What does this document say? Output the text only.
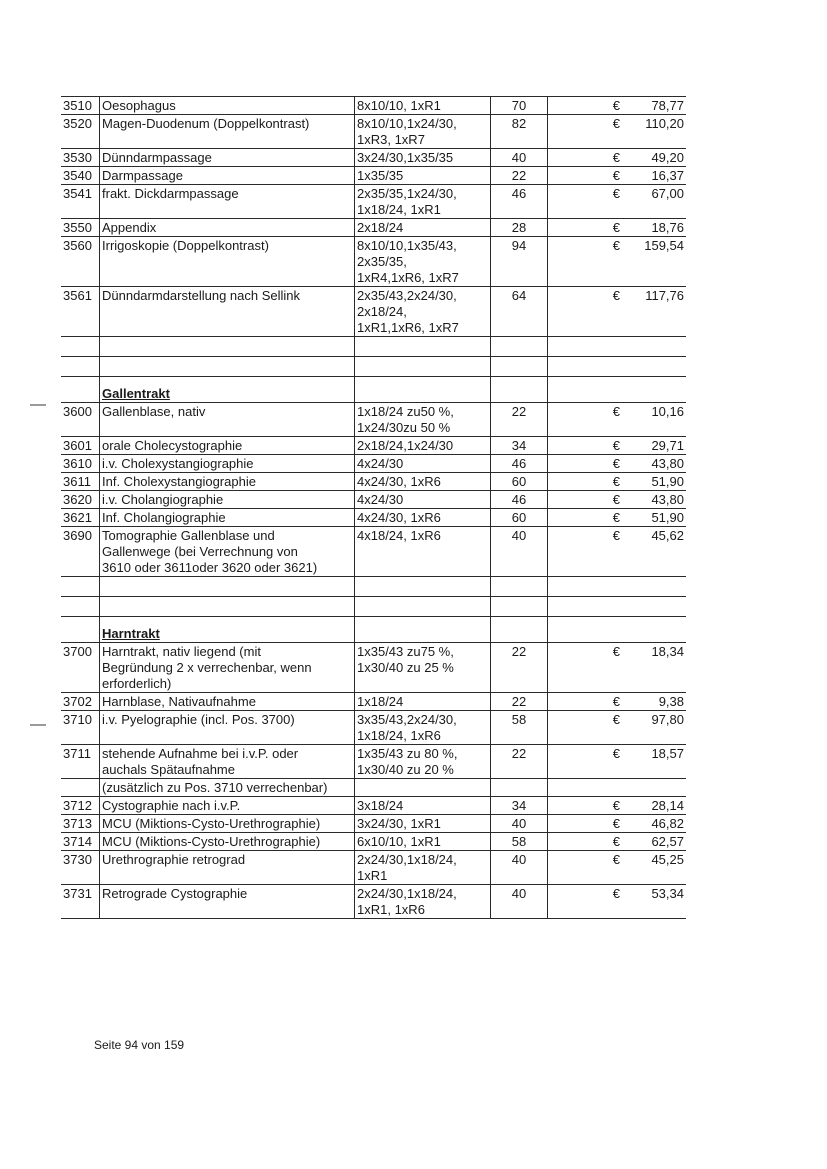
3510	Oesophagus	8x10/10, 1xR1	70	€	78,77
3520	Magen-Duodenum (Doppelkontrast)	8x10/10,1x24/30,
1xR3, 1xR7	82	€	110,20
3530	Dünndarmpassage	3x24/30,1x35/35	40	€	49,20
3540	Darmpassage	1x35/35	22	€	16,37
3541	frakt. Dickdarmpassage	2x35/35,1x24/30,
1x18/24, 1xR1	46	€	67,00
3550	Appendix	2x18/24	28	€	18,76
3560	Irrigoskopie (Doppelkontrast)	8x10/10,1x35/43,
2x35/35,
1xR4,1xR6, 1xR7	94	€	159,54
3561	Dünndarmdarstellung nach Sellink	2x35/43,2x24/30,
2x18/24,
1xR1,1xR6, 1xR7	64	€	117,76

	Gallentrakt				
3600	Gallenblase, nativ	1x18/24 zu50 %,
1x24/30zu 50 %	22	€	10,16
3601	orale Cholecystographie	2x18/24,1x24/30	34	€	29,71
3610	i.v. Cholexystangiographie	4x24/30	46	€	43,80
3611	Inf. Cholexystangiographie	4x24/30, 1xR6	60	€	51,90
3620	i.v. Cholangiographie	4x24/30	46	€	43,80
3621	Inf. Cholangiographie	4x24/30, 1xR6	60	€	51,90
3690	Tomographie Gallenblase und
Gallenwege (bei Verrechnung von
3610 oder 3611oder 3620 oder 3621)	4x18/24, 1xR6	40	€	45,62

	Harntrakt				
3700	Harntrakt, nativ liegend (mit
Begründung 2 x verrechenbar, wenn
erforderlich)	1x35/43 zu75 %,
1x30/40 zu 25 %	22	€	18,34
3702	Harnblase, Nativaufnahme	1x18/24	22	€	9,38
3710	i.v. Pyelographie (incl. Pos. 3700)	3x35/43,2x24/30,
1x18/24, 1xR6	58	€	97,80
3711	stehende Aufnahme bei i.v.P. oder
auchals Spätaufnahme	1x35/43 zu 80 %,
1x30/40 zu 20 %	22	€	18,57

	(zusätzlich zu Pos. 3710 verrechenbar)				

3712	Cystographie nach i.v.P.	3x18/24	34	€	28,14
3713	MCU (Miktions-Cysto-Urethrographie)	3x24/30, 1xR1	40	€	46,82
3714	MCU (Miktions-Cysto-Urethrographie)	6x10/10, 1xR1	58	€	62,57
3730	Urethrographie retrograd	2x24/30,1x18/24,
1xR1	40	€	45,25
3731	Retrograde Cystographie	2x24/30,1x18/24,
1xR1, 1xR6	40	€	53,34
Seite 94 von 159
